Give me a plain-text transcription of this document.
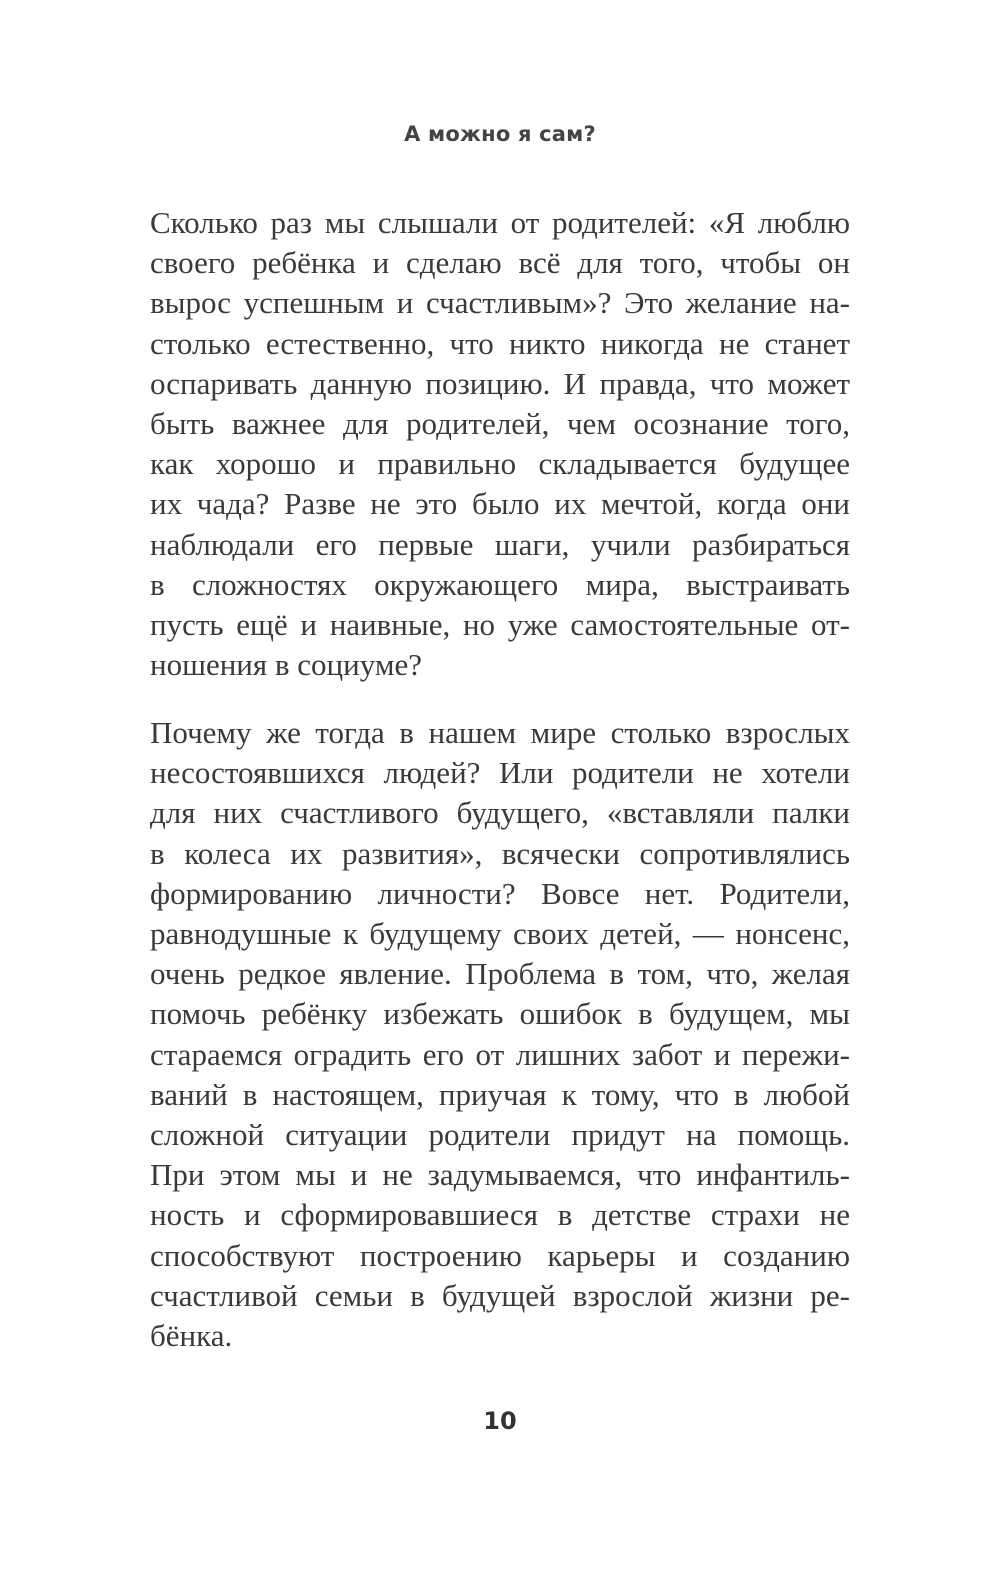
А можно я сам?

Сколько раз мы слышали от родителей: «Я люблю
своего ребёнка и сделаю всё для того, чтобы он
вырос успешным и счастливым»? Это желание на-
столько естественно, что никто никогда не станет
оспаривать данную позицию. И правда, что может
быть важнее для родителей, чем осознание того,
как хорошо и правильно складывается будущее
их чада? Разве не это было их мечтой, когда они
наблюдали его первые шаги, учили разбираться
в сложностях окружающего мира, выстраивать
пусть ещё и наивные, но уже самостоятельные от-
ношения в социуме?

Почему же тогда в нашем мире столько взрослых
несостоявшихся людей? Или родители не хотели
для них счастливого будущего, «вставляли палки
в колеса их развития», всячески сопротивлялись
формированию личности? Вовсе нет. Родители,
равнодушные к будущему своих детей, — нонсенс,
очень редкое явление. Проблема в том, что, желая
помочь ребёнку избежать ошибок в будущем, мы
стараемся оградить его от лишних забот и пережи-
ваний в настоящем, приучая к тому, что в любой
сложной ситуации родители придут на помощь.
При этом мы и не задумываемся, что инфантиль-
ность и сформировавшиеся в детстве страхи не
способствуют построению карьеры и созданию
счастливой семьи в будущей взрослой жизни ре-
бёнка.

10
